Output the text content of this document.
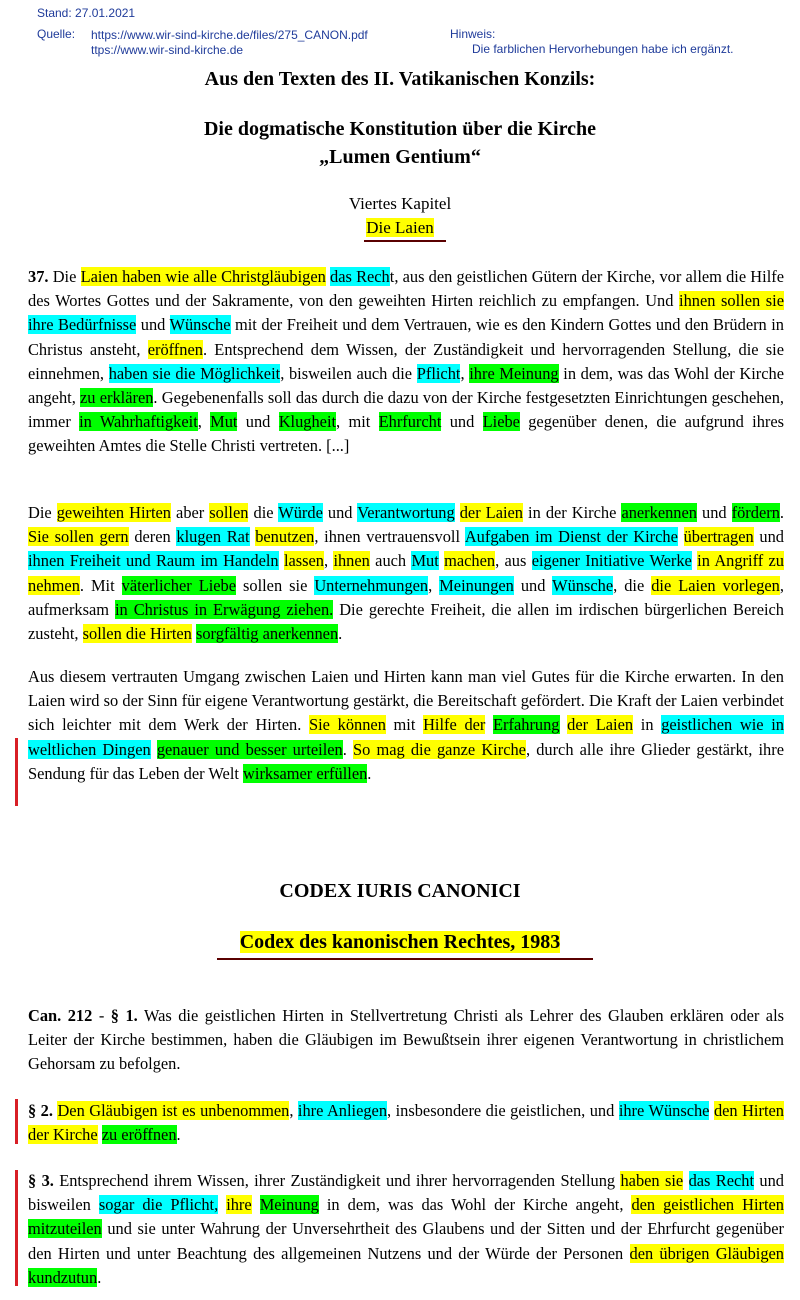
Stand: 27.01.2021
Quelle: https://www.wir-sind-kirche.de/files/275_CANON.pdf
ttps://www.wir-sind-kirche.de
Hinweis:
Die farblichen Hervorhebungen habe ich ergänzt.
Aus den Texten des II. Vatikanischen Konzils:
Die dogmatische Konstitution über die Kirche
„Lumen Gentium“
Viertes Kapitel
Die Laien
37. Die Laien haben wie alle Christgläubigen das Recht, aus den geistlichen Gütern der Kirche, vor allem die Hilfe des Wortes Gottes und der Sakramente, von den geweihten Hirten reichlich zu empfangen. Und ihnen sollen sie ihre Bedürfnisse und Wünsche mit der Freiheit und dem Vertrauen, wie es den Kindern Gottes und den Brüdern in Christus ansteht, eröffnen. Entsprechend dem Wissen, der Zuständigkeit und hervorragenden Stellung, die sie einnehmen, haben sie die Möglichkeit, bisweilen auch die Pflicht, ihre Meinung in dem, was das Wohl der Kirche angeht, zu erklären. Gegebenenfalls soll das durch die dazu von der Kirche festgesetzten Einrichtungen geschehen, immer in Wahrhaftigkeit, Mut und Klugheit, mit Ehrfurcht und Liebe gegenüber denen, die aufgrund ihres geweihten Amtes die Stelle Christi vertreten. [...]
Die geweihten Hirten aber sollen die Würde und Verantwortung der Laien in der Kirche anerkennen und fördern. Sie sollen gern deren klugen Rat benutzen, ihnen vertrauensvoll Aufgaben im Dienst der Kirche übertragen und ihnen Freiheit und Raum im Handeln lassen, ihnen auch Mut machen, aus eigener Initiative Werke in Angriff zu nehmen. Mit väterlicher Liebe sollen sie Unternehmungen, Meinungen und Wünsche, die die Laien vorlegen, aufmerksam in Christus in Erwägung ziehen. Die gerechte Freiheit, die allen im irdischen bürgerlichen Bereich zusteht, sollen die Hirten sorgfältig anerkennen.
Aus diesem vertrauten Umgang zwischen Laien und Hirten kann man viel Gutes für die Kirche erwarten. In den Laien wird so der Sinn für eigene Verantwortung gestärkt, die Bereitschaft gefördert. Die Kraft der Laien verbindet sich leichter mit dem Werk der Hirten. Sie können mit Hilfe der Erfahrung der Laien in geistlichen wie in weltlichen Dingen genauer und besser urteilen. So mag die ganze Kirche, durch alle ihre Glieder gestärkt, ihre Sendung für das Leben der Welt wirksamer erfüllen.
CODEX IURIS CANONICI
Codex des kanonischen Rechtes, 1983
Can. 212 - § 1. Was die geistlichen Hirten in Stellvertretung Christi als Lehrer des Glauben erklären oder als Leiter der Kirche bestimmen, haben die Gläubigen im Bewußtsein ihrer eigenen Verantwortung in christlichem Gehorsam zu befolgen.
§ 2. Den Gläubigen ist es unbenommen, ihre Anliegen, insbesondere die geistlichen, und ihre Wünsche den Hirten der Kirche zu eröffnen.
§ 3. Entsprechend ihrem Wissen, ihrer Zuständigkeit und ihrer hervorragenden Stellung haben sie das Recht und bisweilen sogar die Pflicht, ihre Meinung in dem, was das Wohl der Kirche angeht, den geistlichen Hirten mitzuteilen und sie unter Wahrung der Unversehrtheit des Glaubens und der Sitten und der Ehrfurcht gegenüber den Hirten und unter Beachtung des allgemeinen Nutzens und der Würde der Personen den übrigen Gläubigen kundzutun.
